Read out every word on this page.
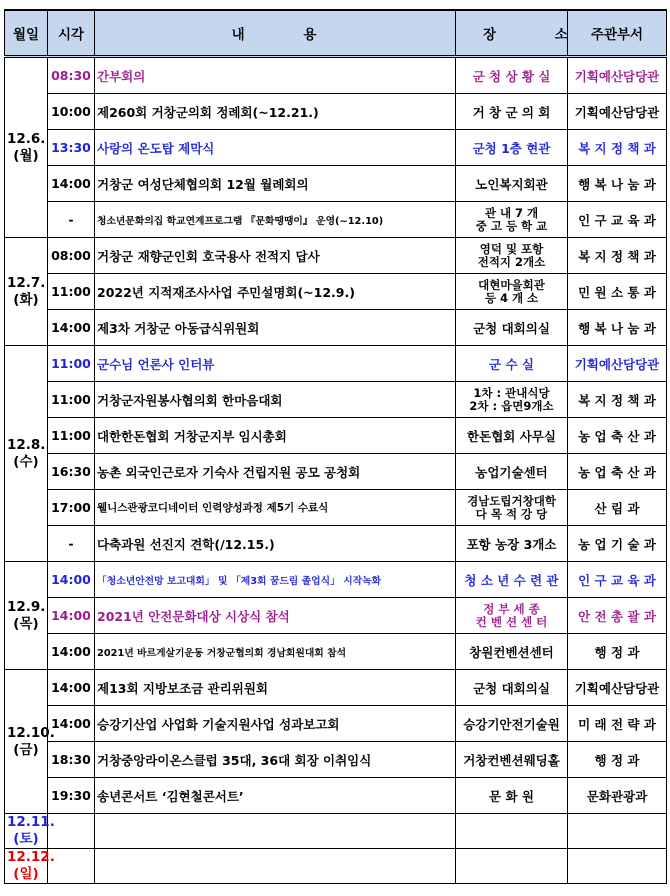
월일	시각	내 용	장 소	주관부서
12.6.
(월)	08:30	간부회의	군 청 상 황 실	기획예산담당관
	10:00	제260회 거창군의회 정례회(~12.21.)	거 창 군 의 회	기획예산담당관
	13:30	사랑의 온도탑 제막식	군청 1층 현관	복 지 정 책 과
	14:00	거창군 여성단체협의회 12월 월례회의	노인복지회관	행 복 나 눔 과
	-	청소년문화의집 학교연계프로그램 『문화땡땡이』 운영(~12.10)	관 내 7 개
중 고 등 학 교	인 구 교 육 과
12.7.
(화)	08:00	거창군 재향군인회 호국용사 전적지 답사	영덕 및 포항
전적지 2개소	복 지 정 책 과
	11:00	2022년 지적재조사사업 주민설명회(~12.9.)	대현마을회관
등 4 개 소	민 원 소 통 과
	14:00	제3차 거창군 아동급식위원회	군청 대회의실	행 복 나 눔 과
12.8.
(수)	11:00	군수님 언론사 인터뷰	군 수 실	기획예산담당관
	11:00	거창군자원봉사협의회 한마음대회	1차 : 관내식당
2차 : 읍면9개소	복 지 정 책 과
	11:00	대한한돈협회 거창군지부 임시총회	한돈협회 사무실	농 업 축 산 과
	16:30	농촌 외국인근로자 기숙사 건립지원 공모 공청회	농업기술센터	농 업 축 산 과
	17:00	웰니스관광코디네이터 인력양성과정 제5기 수료식	경남도립거창대학
다 목 적 강 당	산 림 과
	-	다축과원 선진지 견학(/12.15.)	포항 농장 3개소	농 업 기 술 과
12.9.
(목)	14:00	「청소년안전망 보고대회」 및 「제3회 꿈드림 졸업식」 시작녹화	청 소 년 수 련 관	인 구 교 육 과
	14:00	2021년 안전문화대상 시상식 참석	정 부 세 종
컨 벤 션 센 터	안 전 총 괄 과
	14:00	2021년 바르게살기운동 거창군협의회 경남회원대회 참석	창원컨벤션센터	행 정 과
12.10.
(금)	14:00	제13회 지방보조금 관리위원회	군청 대회의실	기획예산담당관
	14:00	승강기산업 사업화 기술지원사업 성과보고회	승강기안전기술원	미 래 전 략 과
	18:30	거창중앙라이온스클럽 35대, 36대 회장 이취임식	거창컨벤션웨딩홀	행 정 과
	19:30	송년콘서트 ‘김현철콘서트’	문 화 원	문화관광과
12.11.
(토)				
12.12.
(일)				
